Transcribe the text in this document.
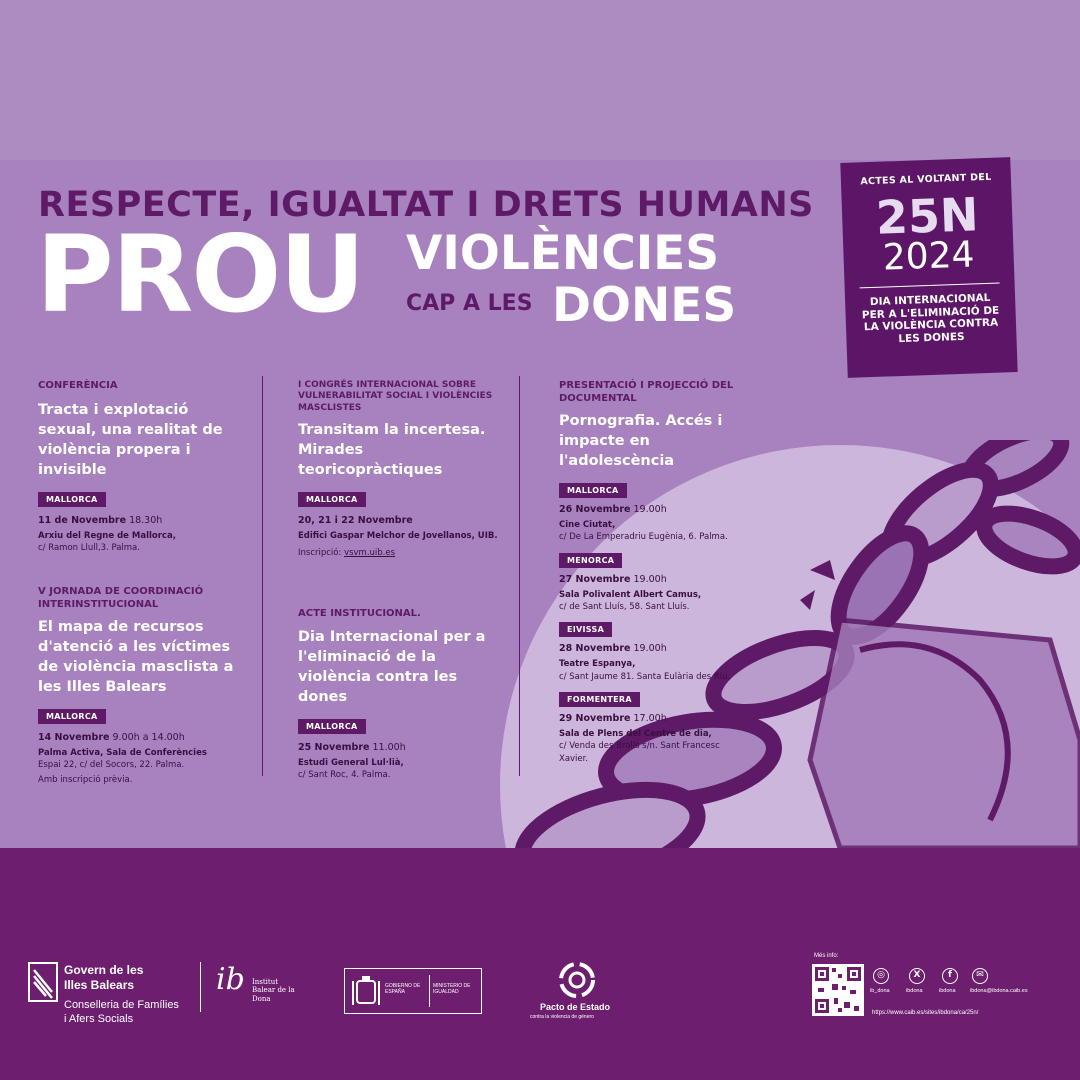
RESPECTE, IGUALTAT I DRETS HUMANS
PROU VIOLÈNCIES
CAP A LES DONES
ACTES AL VOLTANT DEL
25N
2024
DIA INTERNACIONAL PER A L'ELIMINACIÓ DE LA VIOLÈNCIA CONTRA LES DONES
CONFERÈNCIA
Tracta i explotació sexual, una realitat de violència propera i invisible
MALLORCA
11 de Novembre 18.30h
Arxiu del Regne de Mallorca,
c/ Ramon Llull,3. Palma.
V JORNADA DE COORDINACIÓ INTERINSTITUCIONAL
El mapa de recursos d'atenció a les víctimes de violència masclista a les Illes Balears
MALLORCA
14 Novembre 9.00h a 14.00h
Palma Activa, Sala de Conferències
Espai 22, c/ del Socors, 22. Palma.
Amb inscripció prèvia.
I CONGRÉS INTERNACIONAL SOBRE VULNERABILITAT SOCIAL I VIOLÈNCIES MASCLISTES
Transitam la incertesa. Mirades teoricopràctiques
MALLORCA
20, 21 i 22 Novembre
Edifici Gaspar Melchor de Jovellanos, UIB.
Inscripció: vsvm.uib.es
ACTE INSTITUCIONAL.
Dia Internacional per a l'eliminació de la violència contra les dones
MALLORCA
25 Novembre 11.00h
Estudi General Lul·lià,
c/ Sant Roc, 4. Palma.
PRESENTACIÓ I PROJECCIÓ DEL DOCUMENTAL
Pornografia. Accés i impacte en l'adolescència
MALLORCA
26 Novembre 19.00h
Cine Ciutat,
c/ De La Emperadriu Eugènia, 6. Palma.
MENORCA
27 Novembre 19.00h
Sala Polivalent Albert Camus,
c/ de Sant Lluís, 58. Sant Lluís.
EIVISSA
28 Novembre 19.00h
Teatre Espanya,
c/ Sant Jaume 81. Santa Eulària des Riu.
FORMENTERA
29 Novembre 17.00h
Sala de Plens del Centre de dia,
c/ Venda des Brolls s/n. Sant Francesc Xavier.
Govern de les
Illes Balears
Conselleria de Famílies
i Afers Socials
ib Institut Balear de la Dona
GOBIERNO DE ESPAÑA
MINISTERIO DE IGUALDAD
Pacto de Estado
contra la violencia de género
Més info:
◎	X	f	✉
ib_dona	ibdona	ibdona	ibdona@ibdona.caib.es
https://www.caib.es/sites/ibdona/ca/25n/
